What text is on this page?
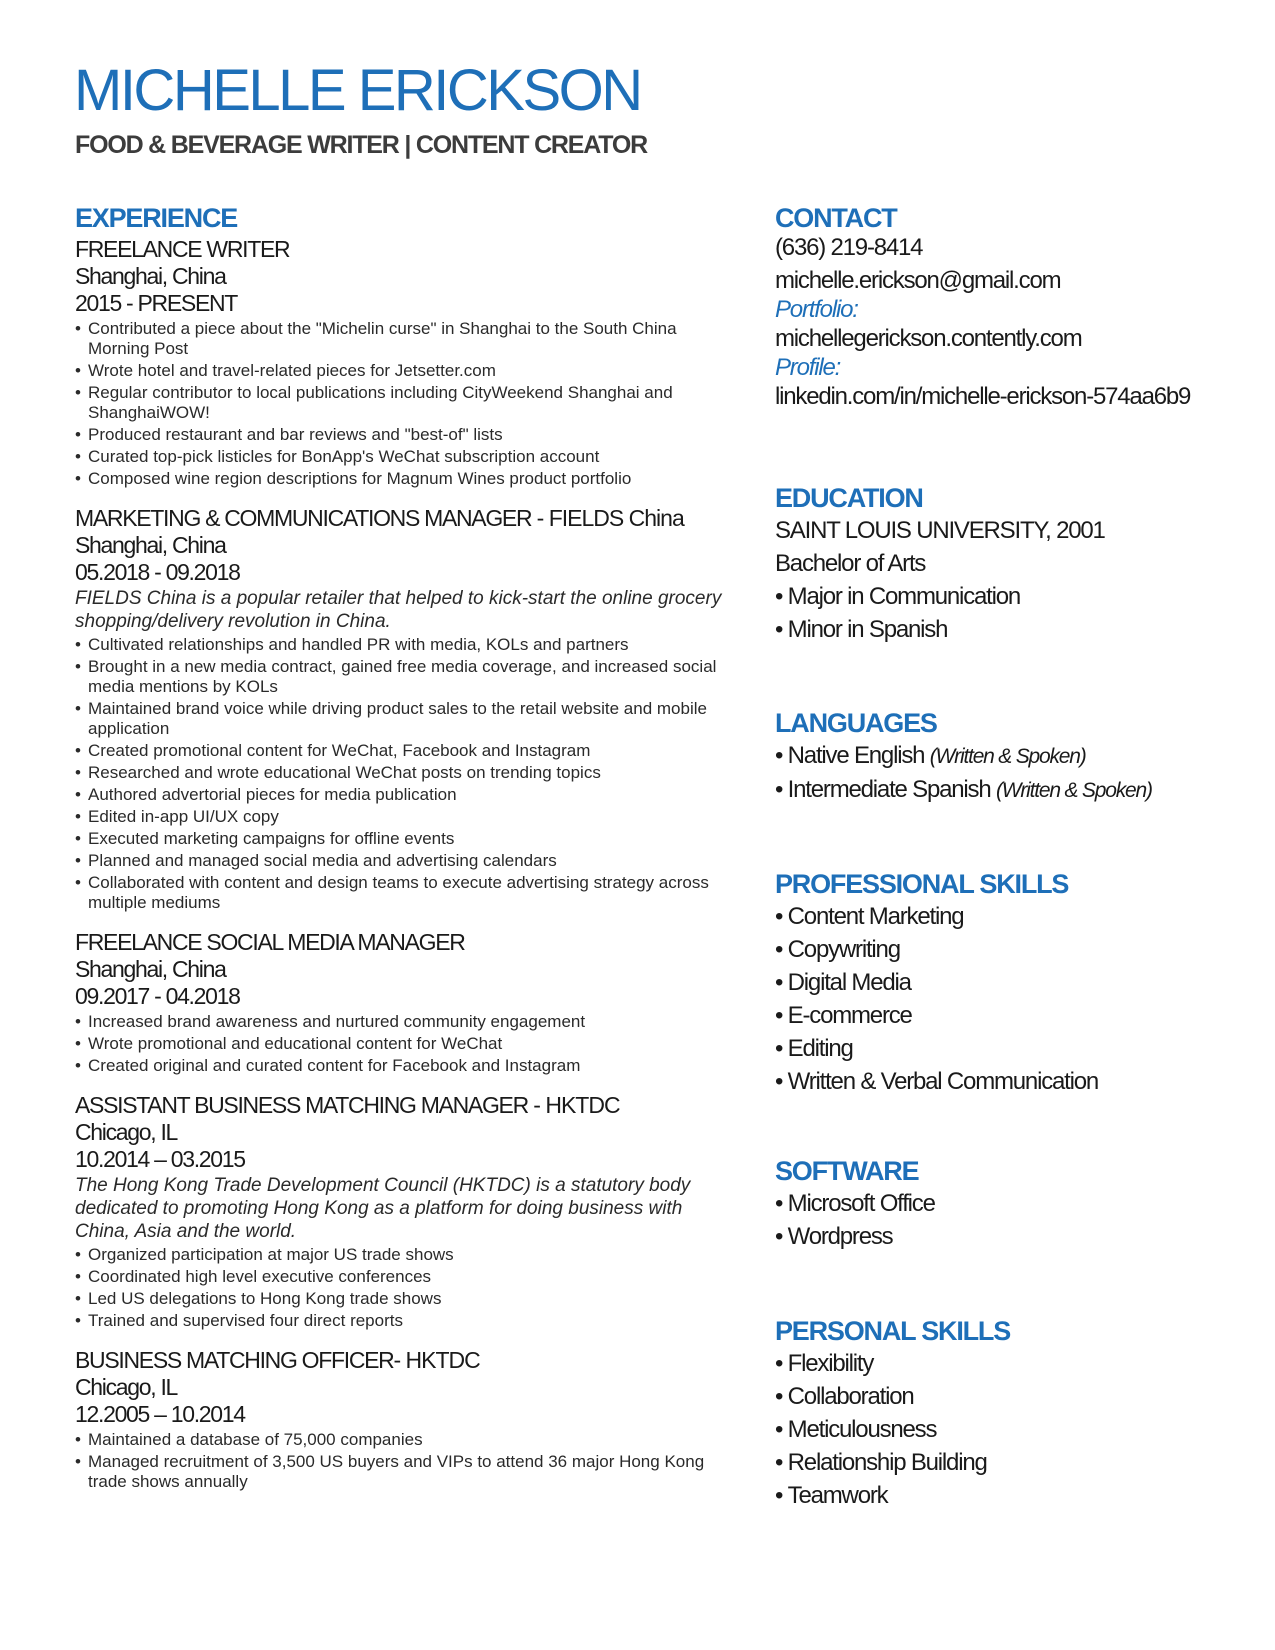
MICHELLE ERICKSON
FOOD & BEVERAGE WRITER | CONTENT CREATOR
EXPERIENCE
FREELANCE WRITER
Shanghai, China
2015 - PRESENT
• Contributed a piece about the "Michelin curse" in Shanghai to the South China Morning Post
• Wrote hotel and travel-related pieces for Jetsetter.com
• Regular contributor to local publications including CityWeekend Shanghai and ShanghaiWOW!
• Produced restaurant and bar reviews and "best-of" lists
• Curated top-pick listicles for BonApp's WeChat subscription account
• Composed wine region descriptions for Magnum Wines product portfolio
MARKETING & COMMUNICATIONS MANAGER - FIELDS China
Shanghai, China
05.2018 - 09.2018
FIELDS China is a popular retailer that helped to kick-start the online grocery shopping/delivery revolution in China.
• Cultivated relationships and handled PR with media, KOLs and partners
• Brought in a new media contract, gained free media coverage, and increased social media mentions by KOLs
• Maintained brand voice while driving product sales to the retail website and mobile application
• Created promotional content for WeChat, Facebook and Instagram
• Researched and wrote educational WeChat posts on trending topics
• Authored advertorial pieces for media publication
• Edited in-app UI/UX copy
• Executed marketing campaigns for offline events
• Planned and managed social media and advertising calendars
• Collaborated with content and design teams to execute advertising strategy across multiple mediums
FREELANCE SOCIAL MEDIA MANAGER
Shanghai, China
09.2017 - 04.2018
• Increased brand awareness and nurtured community engagement
• Wrote promotional and educational content for WeChat
• Created original and curated content for Facebook and Instagram
ASSISTANT BUSINESS MATCHING MANAGER - HKTDC
Chicago, IL
10.2014 – 03.2015
The Hong Kong Trade Development Council (HKTDC) is a statutory body dedicated to promoting Hong Kong as a platform for doing business with China, Asia and the world.
• Organized participation at major US trade shows
• Coordinated high level executive conferences
• Led US delegations to Hong Kong trade shows
• Trained and supervised four direct reports
BUSINESS MATCHING OFFICER- HKTDC
Chicago, IL
12.2005 – 10.2014
• Maintained a database of 75,000 companies
• Managed recruitment of 3,500 US buyers and VIPs to attend 36 major Hong Kong trade shows annually
CONTACT
(636) 219-8414
michelle.erickson@gmail.com
Portfolio:
michellegerickson.contently.com
Profile:
linkedin.com/in/michelle-erickson-574aa6b9
EDUCATION
SAINT LOUIS UNIVERSITY, 2001
Bachelor of Arts
• Major in Communication
• Minor in Spanish
LANGUAGES
• Native English (Written & Spoken)
• Intermediate Spanish (Written & Spoken)
PROFESSIONAL SKILLS
• Content Marketing
• Copywriting
• Digital Media
• E-commerce
• Editing
• Written & Verbal Communication
SOFTWARE
• Microsoft Office
• Wordpress
PERSONAL SKILLS
• Flexibility
• Collaboration
• Meticulousness
• Relationship Building
• Teamwork
